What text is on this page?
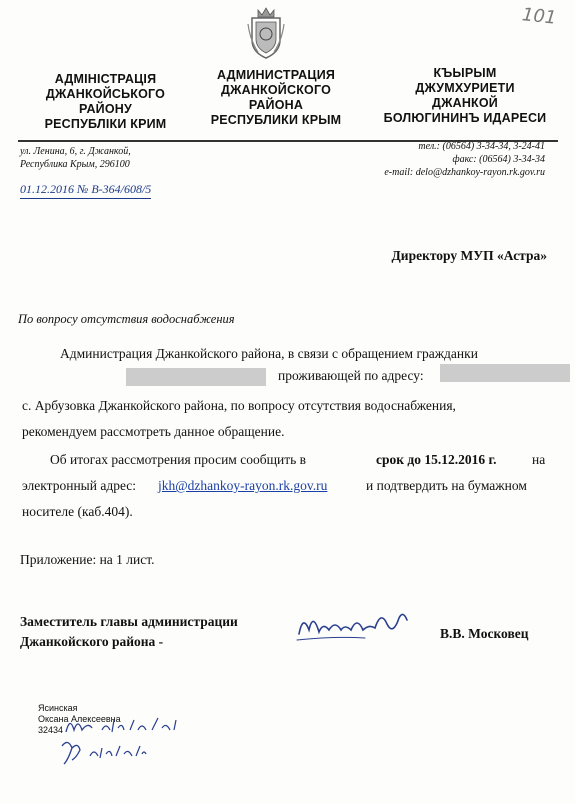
101
АДМІНІСТРАЦІЯ
ДЖАНКОЙСЬКОГО
РАЙОНУ
РЕСПУБЛІКИ КРИМ
АДМИНИСТРАЦИЯ
ДЖАНКОЙСКОГО
РАЙОНА
РЕСПУБЛИКИ КРЫМ
КЪЫРЫМ
ДЖУМХУРИЕТИ
ДЖАНКОЙ
БОЛЮГИНИНЪ ИДАРЕСИ
ул. Ленина, 6, г. Джанкой,
Республика Крым, 296100
тел.: (06564) 3-34-34, 3-24-41
факс: (06564) 3-34-34
e-mail: delo@dzhankoy-rayon.rk.gov.ru
01.12.2016 № В-364/608/5
Директору МУП «Астра»
По вопросу отсутствия водоснабжения
Администрация Джанкойского района, в связи с обращением гражданки
проживающей по адресу:
с. Арбузовка Джанкойского района, по вопросу отсутствия водоснабжения,
рекомендуем рассмотреть данное обращение.
Об итогах рассмотрения просим сообщить в	срок до 15.12.2016 г.	на
электронный адрес: jkh@dzhankoy-rayon.rk.gov.ru	и подтвердить на бумажном
носителе (каб.404).
Приложение: на 1 лист.
Заместитель главы администрации
Джанкойского района -
В.В. Московец
Ясинская
Оксана Алексеевна
32434
